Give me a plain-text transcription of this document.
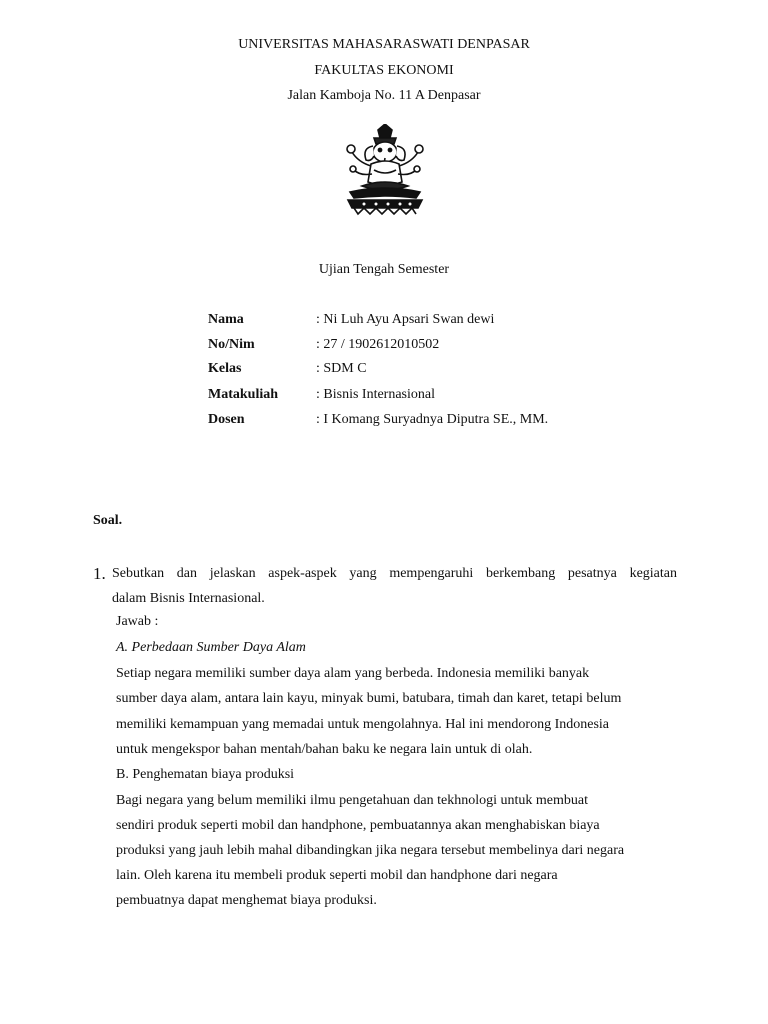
UNIVERSITAS MAHASARASWATI DENPASAR
FAKULTAS EKONOMI
Jalan Kamboja No. 11 A Denpasar
Ujian Tengah Semester
Nama	: Ni Luh Ayu Apsari Swan dewi
No/Nim	: 27 / 1902612010502
Kelas	: SDM C
Matakuliah	: Bisnis Internasional
Dosen	: I Komang Suryadnya Diputra SE., MM.
Soal.
1. Sebutkan dan jelaskan aspek-aspek yang mempengaruhi berkembang pesatnya kegiatan
dalam Bisnis Internasional.
Jawab :
A. Perbedaan Sumber Daya Alam
Setiap negara memiliki sumber daya alam yang berbeda. Indonesia memiliki banyak
sumber daya alam, antara lain kayu, minyak bumi, batubara, timah dan karet, tetapi belum
memiliki kemampuan yang memadai untuk mengolahnya. Hal ini mendorong Indonesia
untuk mengekspor bahan mentah/bahan baku ke negara lain untuk di olah.
B. Penghematan biaya produksi
Bagi negara yang belum memiliki ilmu pengetahuan dan tekhnologi untuk membuat
sendiri produk seperti mobil dan handphone, pembuatannya akan menghabiskan biaya
produksi yang jauh lebih mahal dibandingkan jika negara tersebut membelinya dari negara
lain. Oleh karena itu membeli produk seperti mobil dan handphone dari negara
pembuatnya dapat menghemat biaya produksi.
